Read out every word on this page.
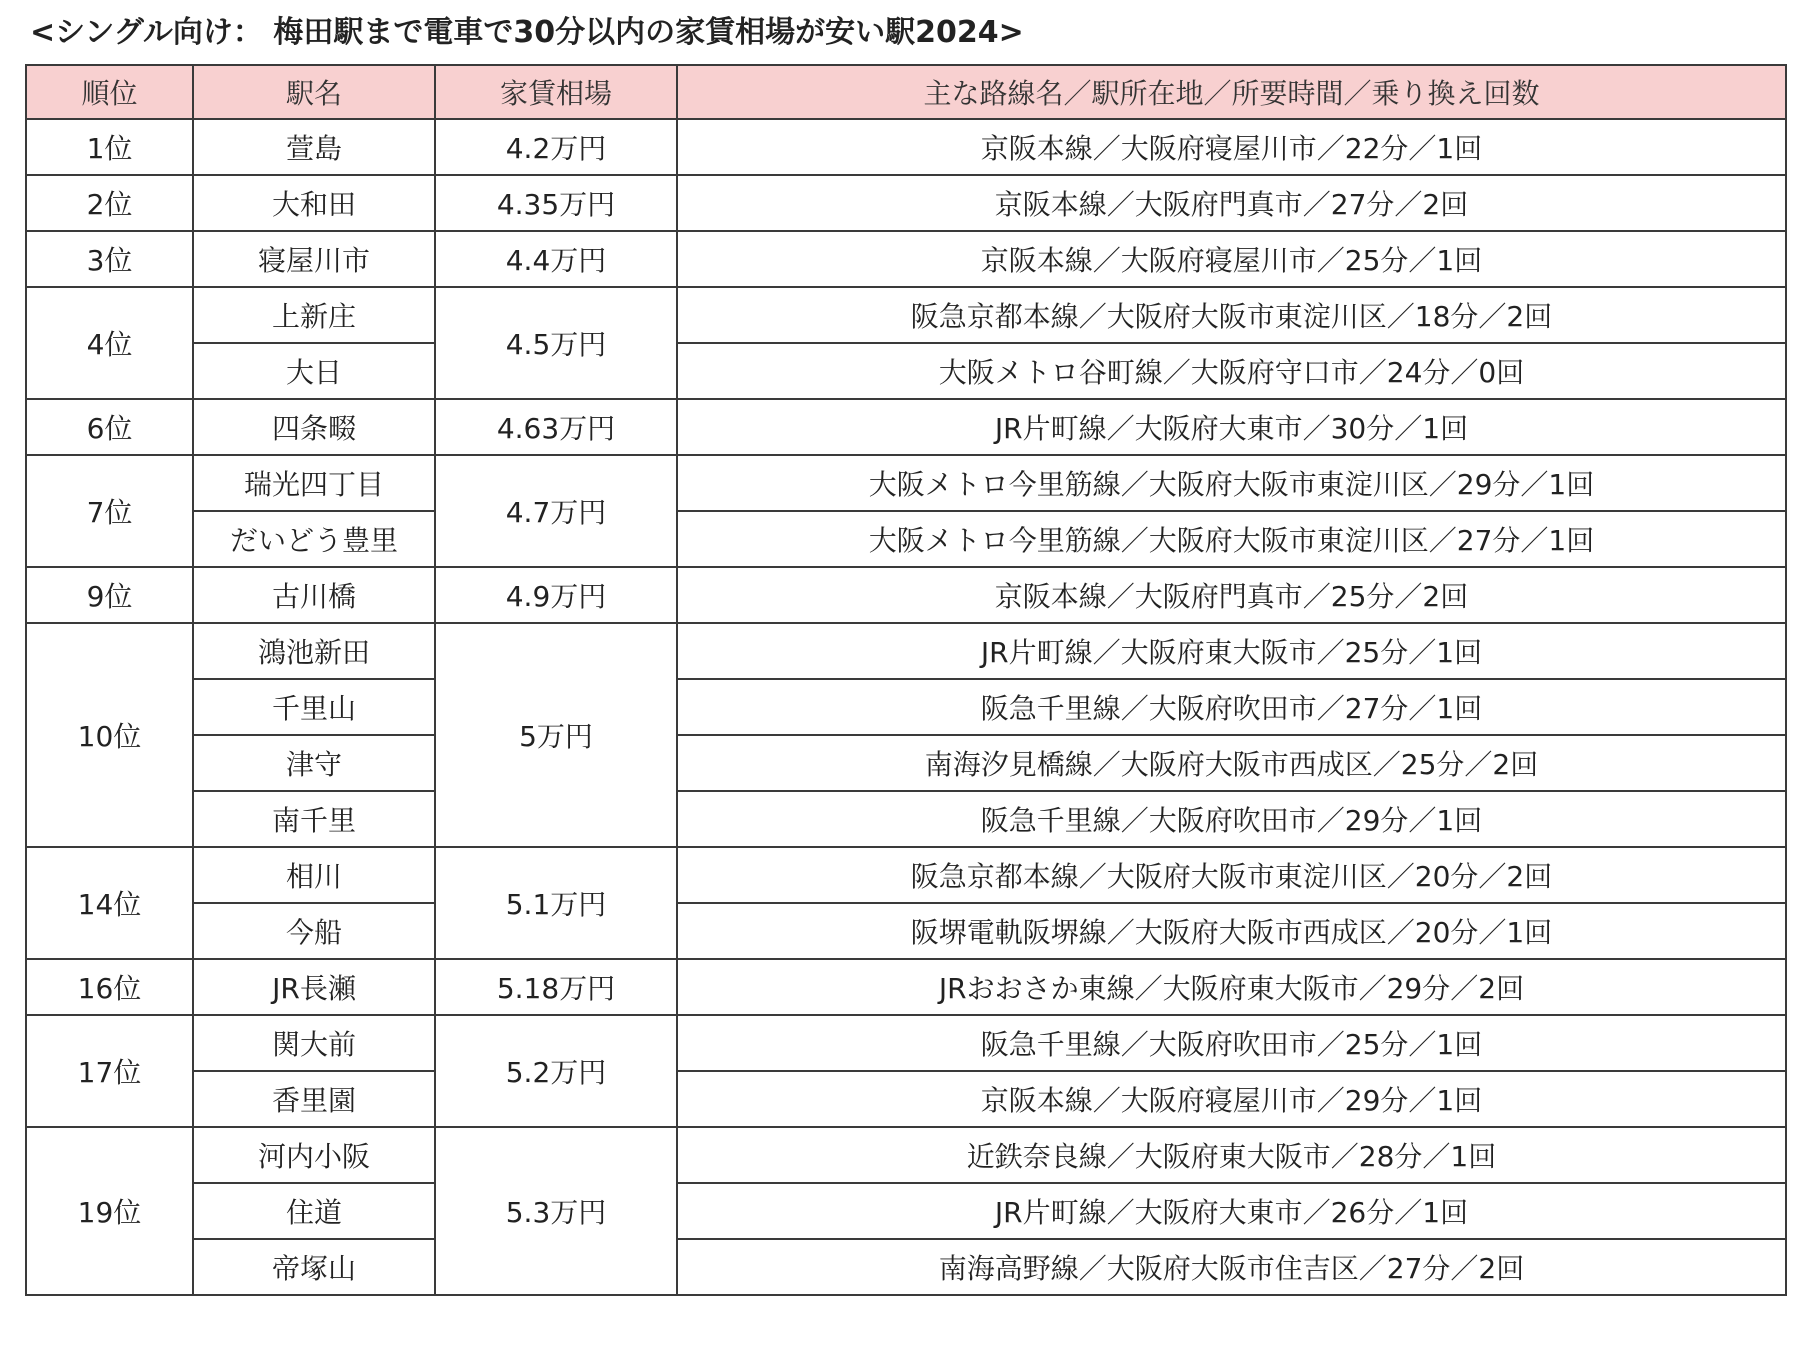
<シングル向け： 梅田駅まで電車で30分以内の家賃相場が安い駅2024>
順位	駅名	家賃相場	主な路線名／駅所在地／所要時間／乗り換え回数
1位	萱島	4.2万円	京阪本線／大阪府寝屋川市／22分／1回
2位	大和田	4.35万円	京阪本線／大阪府門真市／27分／2回
3位	寝屋川市	4.4万円	京阪本線／大阪府寝屋川市／25分／1回
4位	上新庄	4.5万円	阪急京都本線／大阪府大阪市東淀川区／18分／2回
	大日		大阪メトロ谷町線／大阪府守口市／24分／0回
6位	四条畷	4.63万円	JR片町線／大阪府大東市／30分／1回
7位	瑞光四丁目	4.7万円	大阪メトロ今里筋線／大阪府大阪市東淀川区／29分／1回
	だいどう豊里		大阪メトロ今里筋線／大阪府大阪市東淀川区／27分／1回
9位	古川橋	4.9万円	京阪本線／大阪府門真市／25分／2回
10位	鴻池新田	5万円	JR片町線／大阪府東大阪市／25分／1回
	千里山		阪急千里線／大阪府吹田市／27分／1回
	津守		南海汐見橋線／大阪府大阪市西成区／25分／2回
	南千里		阪急千里線／大阪府吹田市／29分／1回
14位	相川	5.1万円	阪急京都本線／大阪府大阪市東淀川区／20分／2回
	今船		阪堺電軌阪堺線／大阪府大阪市西成区／20分／1回
16位	JR長瀬	5.18万円	JRおおさか東線／大阪府東大阪市／29分／2回
17位	関大前	5.2万円	阪急千里線／大阪府吹田市／25分／1回
	香里園		京阪本線／大阪府寝屋川市／29分／1回
19位	河内小阪	5.3万円	近鉄奈良線／大阪府東大阪市／28分／1回
	住道		JR片町線／大阪府大東市／26分／1回
	帝塚山		南海高野線／大阪府大阪市住吉区／27分／2回
